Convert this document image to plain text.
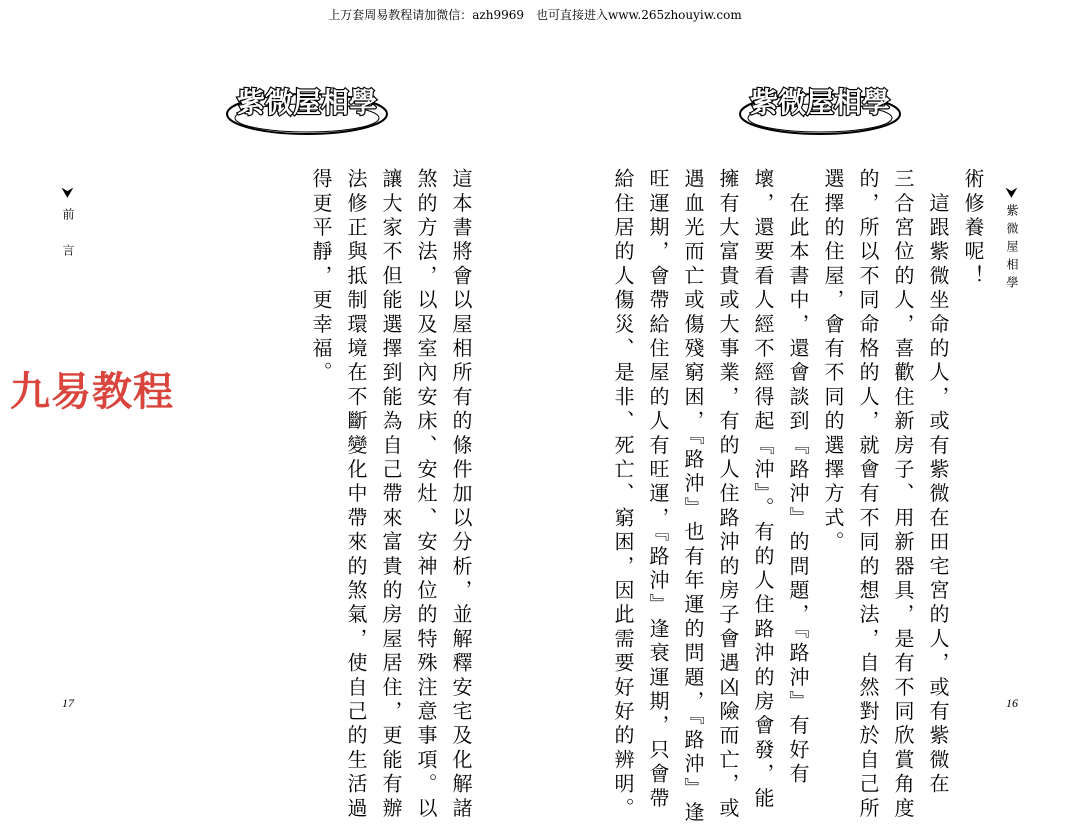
上万套周易教程请加微信：azh9969　也可直接进入www.265zhouyiw.com
紫微屋相學	紫微屋相學
⮟
前　言	這本書將會以屋相所有的條件加以分析，並解釋安宅及化解諸
煞的方法，以及室內安床、安灶、安神位的特殊注意事項。以
讓大家不但能選擇到能為自己帶來富貴的房屋居住，更能有辦
法修正與抵制環境在不斷變化中帶來的煞氣，使自己的生活過
得更平靜，更幸福。
九易教程
17
⮟
紫微屋相學
術修養呢！
　這跟紫微坐命的人，或有紫微在田宅宮的人，或有紫微在
三合宮位的人，喜歡住新房子、用新器具，是有不同欣賞角度
的，所以不同命格的人，就會有不同的想法，自然對於自己所
選擇的住屋，會有不同的選擇方式。
　在此本書中，還會談到『路沖』的問題，『路沖』有好有
壞，還要看人經不經得起『沖』。有的人住路沖的房會發，能
擁有大富貴或大事業，有的人住路沖的房子會遇凶險而亡，或
遇血光而亡或傷殘窮困，『路沖』也有年運的問題，『路沖』逢
旺運期，會帶給住屋的人有旺運，『路沖』逢衰運期，只會帶
給住居的人傷災、是非、死亡、窮困，因此需要好好的辨明。	16
